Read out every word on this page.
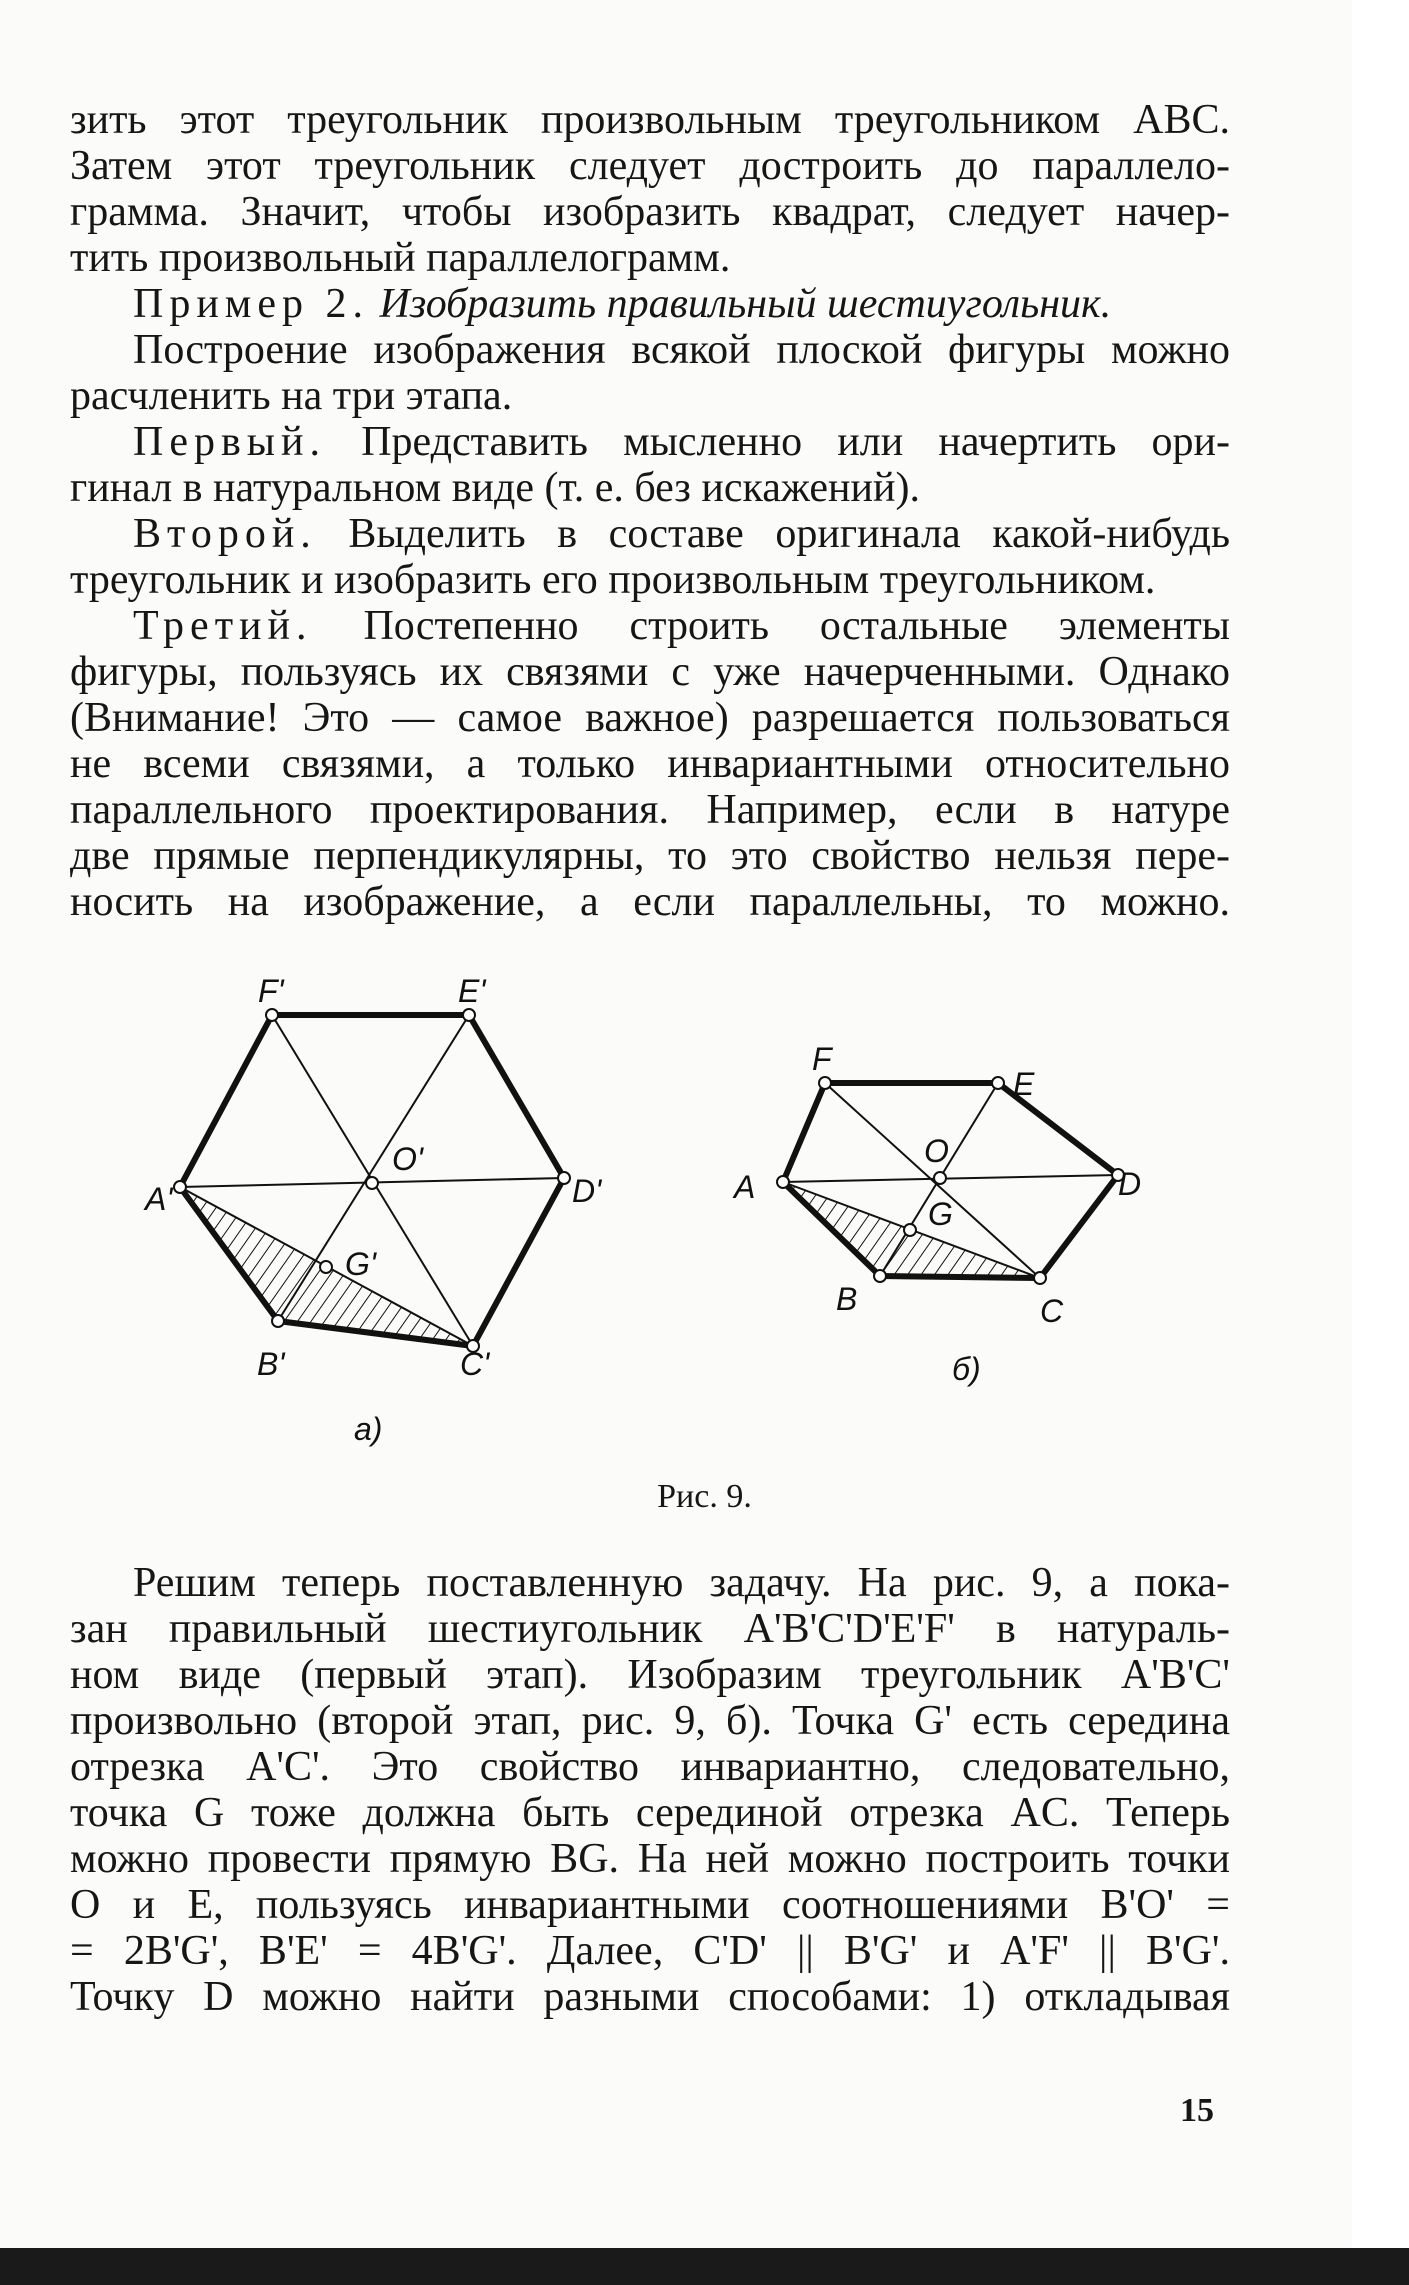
зить этот треугольник произвольным треугольником ABC.
Затем этот треугольник следует достроить до параллело-
грамма. Значит, чтобы изобразить квадрат, следует начер-
тить произвольный параллелограмм.

Пример 2. Изобразить правильный шестиугольник.

Построение изображения всякой плоской фигуры можно
расчленить на три этапа.

Первый. Представить мысленно или начертить ори-
гинал в натуральном виде (т. е. без искажений).

Второй. Выделить в составе оригинала какой-нибудь
треугольник и изобразить его произвольным треугольником.

Третий. Постепенно строить остальные элементы
фигуры, пользуясь их связями с уже начерченными. Однако
(Внимание! Это — самое важное) разрешается пользоваться
не всеми связями, а только инвариантными относительно
параллельного проектирования. Например, если в натуре
две прямые перпендикулярны, то это свойство нельзя пере-
носить на изображение, а если параллельны, то можно.

F'	E'
A'
O'
D'
G'
B'	C'
а)
F
E
A
O
D
G
B	C
б)
Рис. 9.

Решим теперь поставленную задачу. На рис. 9, а пока-
зан правильный шестиугольник A'B'C'D'E'F' в натураль-
ном виде (первый этап). Изобразим треугольник A'B'C'
произвольно (второй этап, рис. 9, б). Точка G' есть середина
отрезка A'C'. Это свойство инвариантно, следовательно,
точка G тоже должна быть серединой отрезка AC. Теперь
можно провести прямую BG. На ней можно построить точки
O и E, пользуясь инвариантными соотношениями B'O' =
= 2B'G', B'E' = 4B'G'. Далее, C'D' || B'G' и A'F' || B'G'.
Точку D можно найти разными способами: 1) откладывая

15
